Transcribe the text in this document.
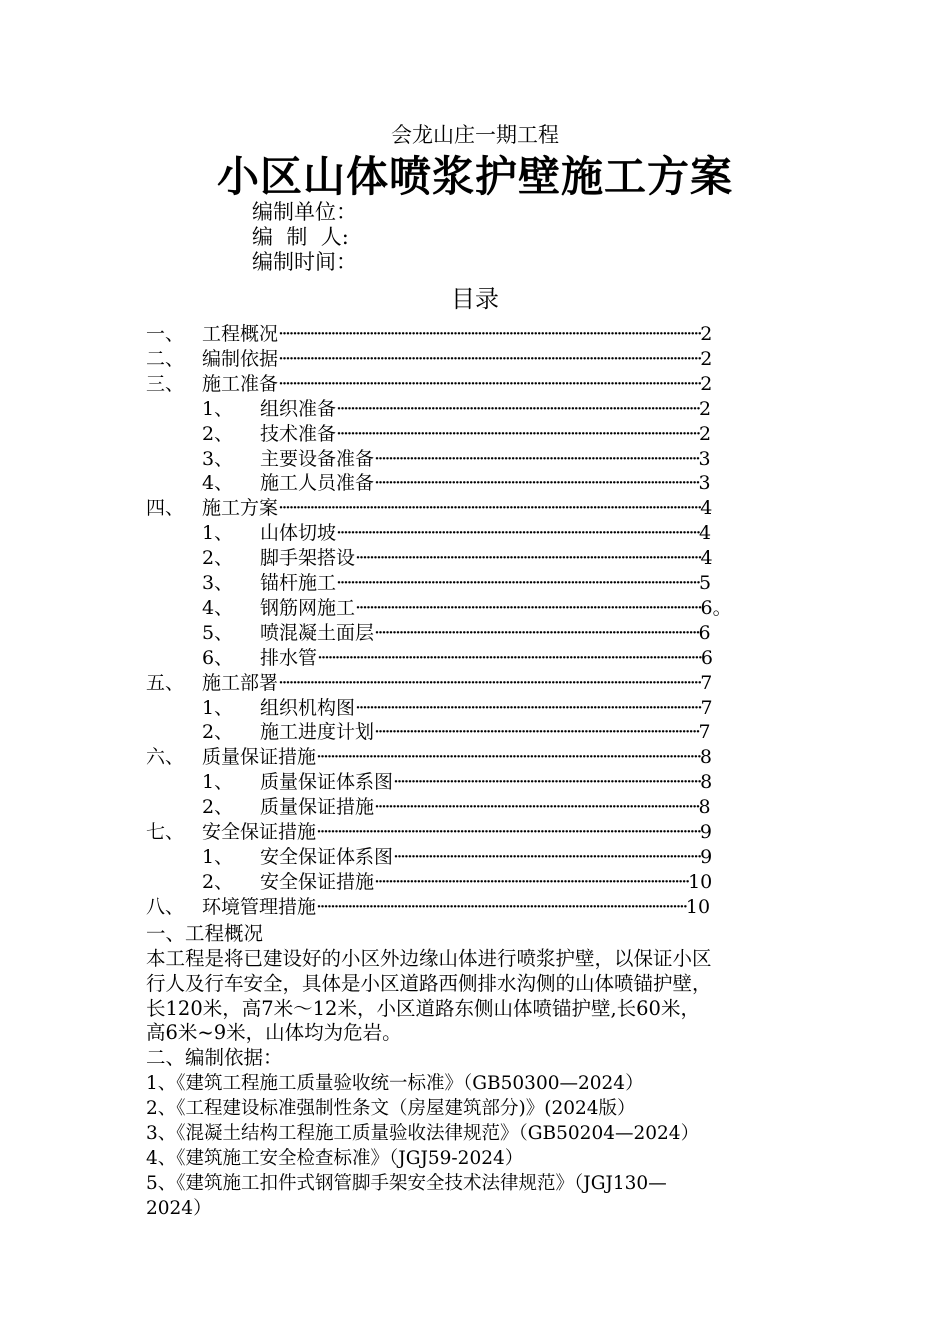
会龙山庄一期工程
小区山体喷浆护壁施工方案
编制单位：
编  制  人:
编制时间：
目录
一、 工程概况·························································································································2
二、 编制依据·························································································································2
三、 施工准备·························································································································2
1、 组织准备········································································································2
2、 技术准备········································································································2
3、 主要设备准备·····························································································3
4、 施工人员准备·····························································································3
四、 施工方案·························································································································4
1、 山体切坡········································································································4
2、 脚手架搭设···································································································4
3、 锚杆施工········································································································5
4、 钢筋网施工···································································································6。
5、 喷混凝土面层·····························································································6
6、 排水管··············································································································6
五、 施工部署·························································································································7
1、 组织机构图···································································································7
2、 施工进度计划·····························································································7
六、 质量保证措施··············································································································8
1、 质量保证体系图························································································8
2、 质量保证措施·····························································································8
七、 安全保证措施··············································································································9
1、 安全保证体系图························································································9
2、 安全保证措施··························································································10
八、 环境管理措施··········································································································10
一、工程概况
本工程是将已建设好的小区外边缘山体进行喷浆护壁，以保证小区
行人及行车安全，具体是小区道路西侧排水沟侧的山体喷锚护壁，
长120米，高7米～12米，小区道路东侧山体喷锚护壁,长60米，
高6米~9米，山体均为危岩。
二、编制依据：
1、《建筑工程施工质量验收统一标准》（GB50300—2024）
2、《工程建设标准强制性条文（房屋建筑部分)》(2024版）
3、《混凝土结构工程施工质量验收法律规范》（GB50204—2024）
4、《建筑施工安全检查标准》（JGJ59-2024）
5、《建筑施工扣件式钢管脚手架安全技术法律规范》（JGJ130—
2024）
